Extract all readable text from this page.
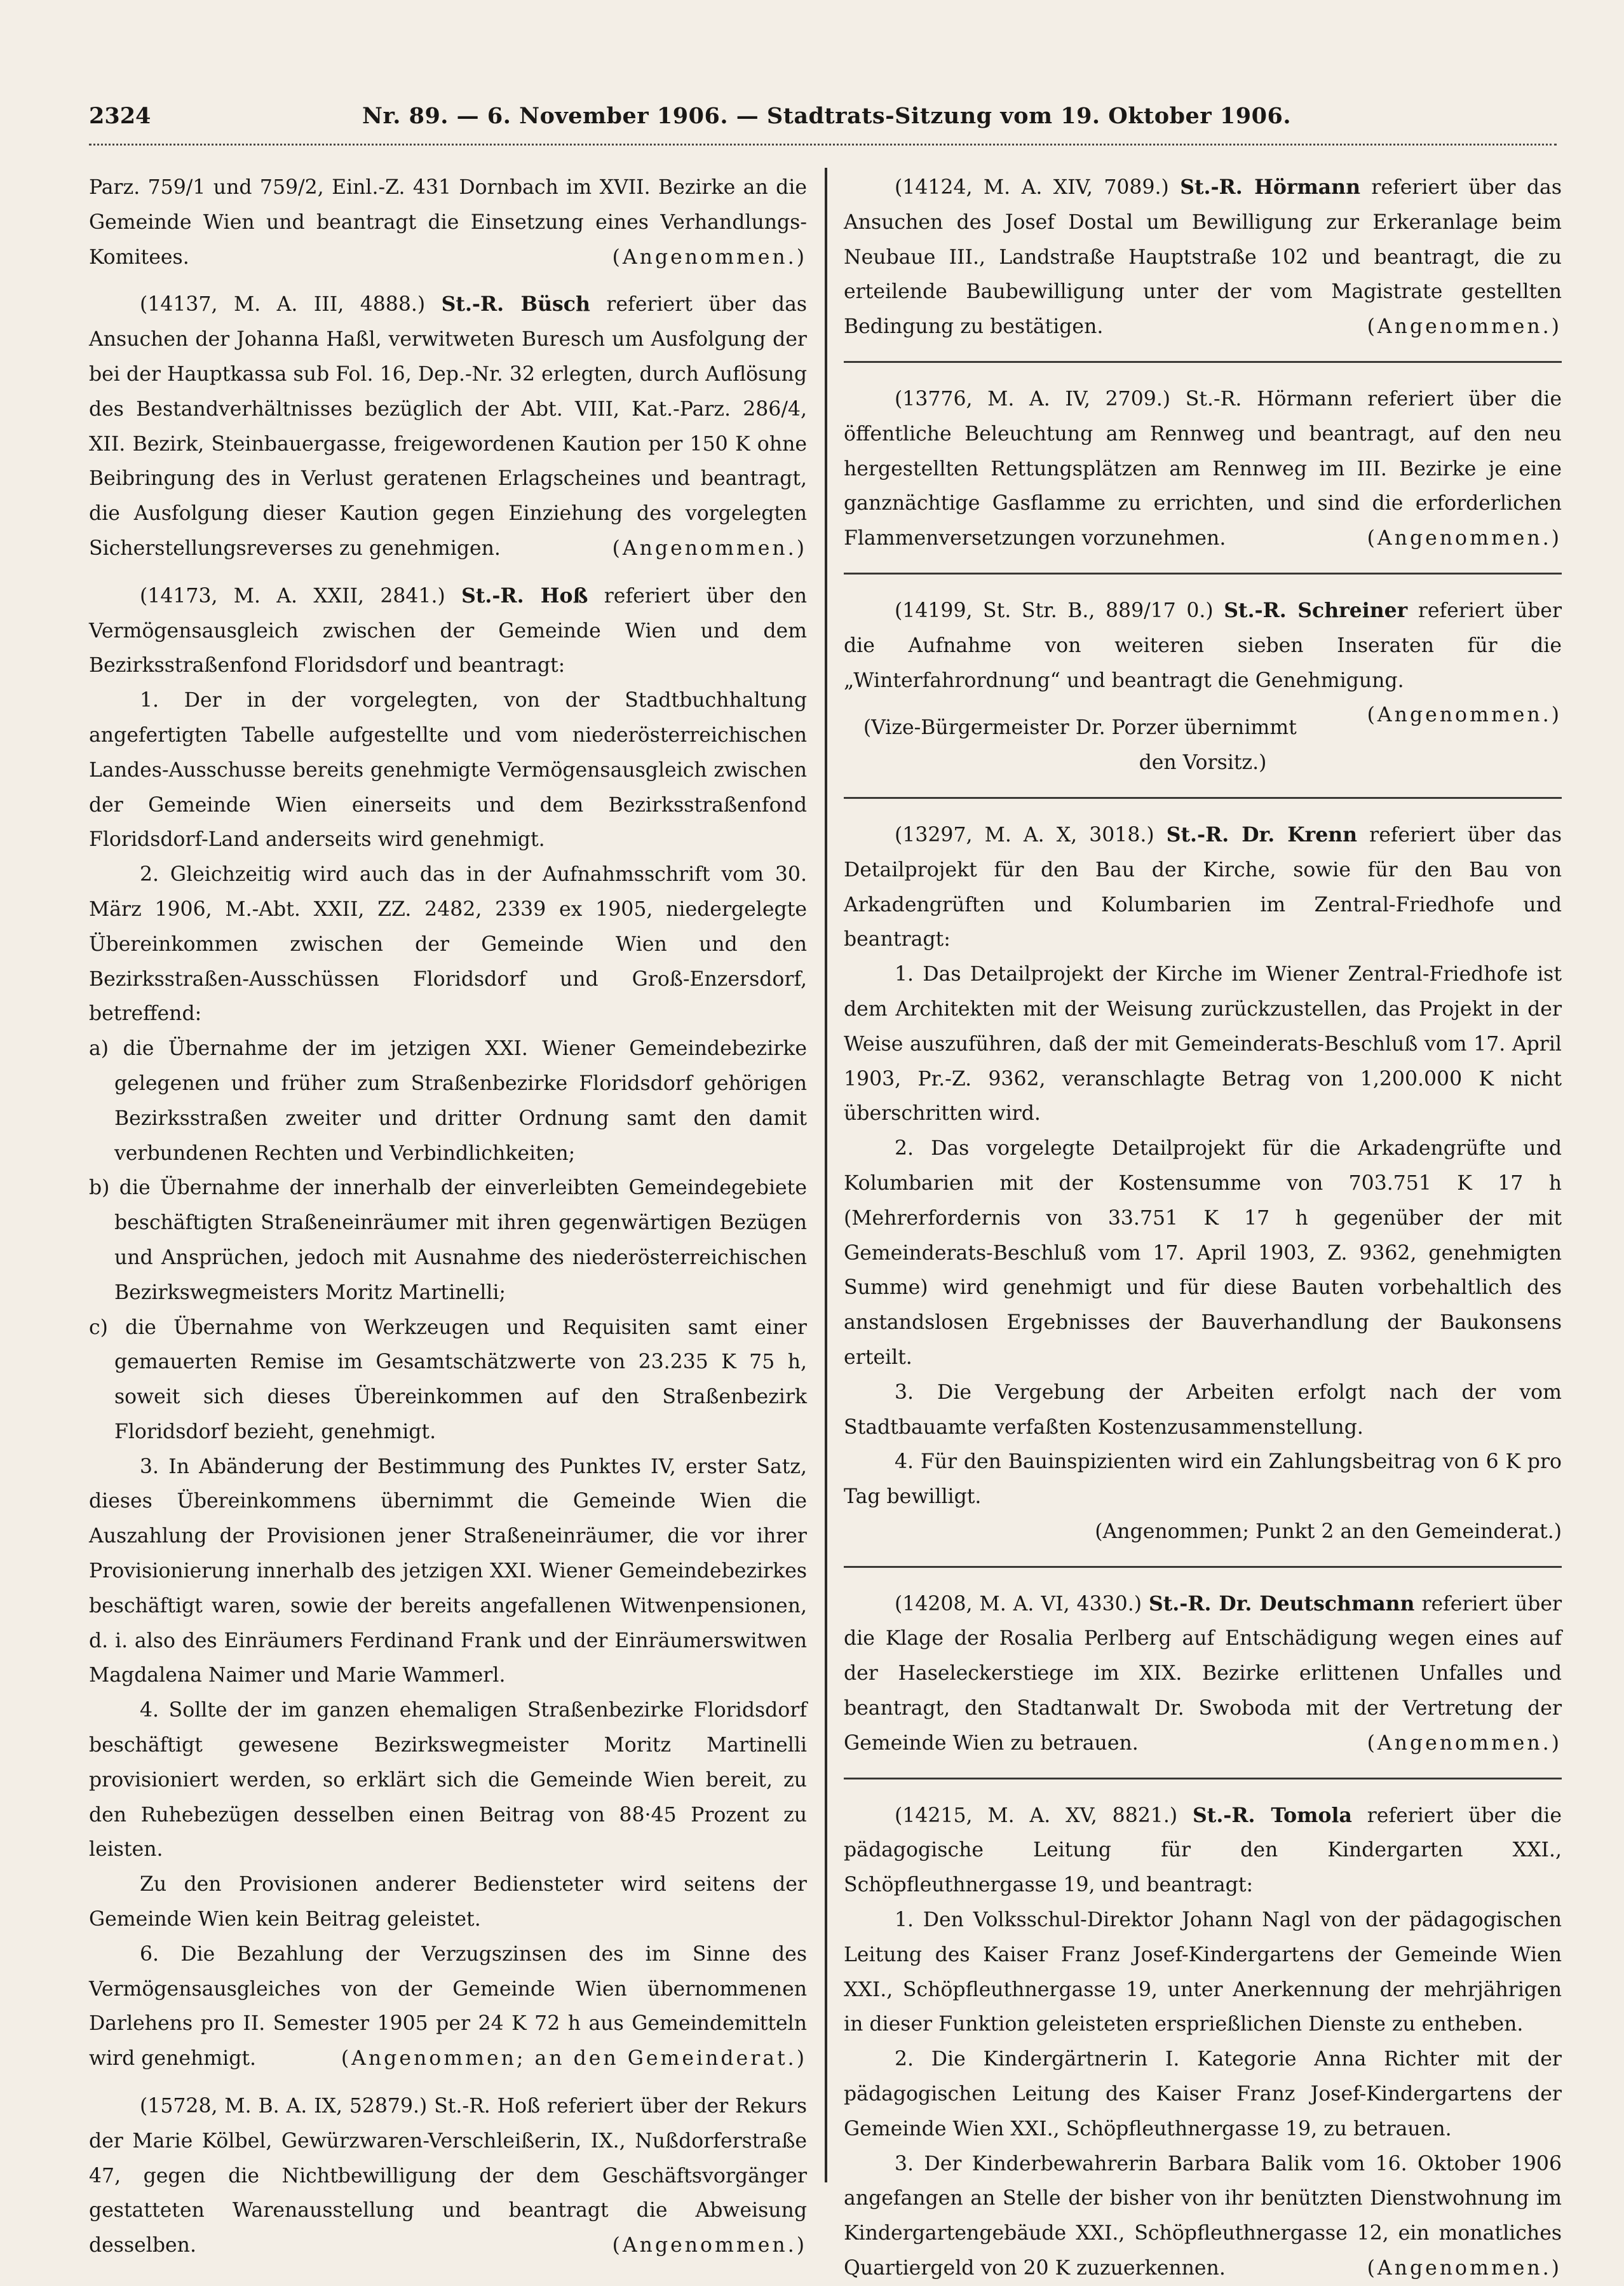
2324	Nr. 89. — 6. November 1906. — Stadtrats-Sitzung vom 19. Oktober 1906.

Parz. 759/1 und 759/2, Einl.-Z. 431 Dornbach im XVII. Bezirke an die Gemeinde Wien und beantragt die Einsetzung eines Verhandlungs-Komitees.	(Angenommen.)

(14137, M. A. III, 4888.) St.-R. Büsch referiert über das Ansuchen der Johanna Haßl, verwitweten Buresch um Ausfolgung der bei der Hauptkassa sub Fol. 16, Dep.-Nr. 32 erlegten, durch Auflösung des Bestandverhältnisses bezüglich der Abt. VIII, Kat.-Parz. 286/4, XII. Bezirk, Steinbauergasse, freigewordenen Kaution per 150 K ohne Beibringung des in Verlust geratenen Erlagscheines und beantragt, die Ausfolgung dieser Kaution gegen Einziehung des vorgelegten Sicherstellungsreverses zu genehmigen.	(Angenommen.)

(14173, M. A. XXII, 2841.) St.-R. Hoß referiert über den Vermögensausgleich zwischen der Gemeinde Wien und dem Bezirksstraßenfond Floridsdorf und beantragt:

1. Der in der vorgelegten, von der Stadtbuchhaltung angefertigten Tabelle aufgestellte und vom niederösterreichischen Landes-Ausschusse bereits genehmigte Vermögensausgleich zwischen der Gemeinde Wien einerseits und dem Bezirksstraßenfond Floridsdorf-Land anderseits wird genehmigt.

2. Gleichzeitig wird auch das in der Aufnahmsschrift vom 30. März 1906, M.-Abt. XXII, ZZ. 2482, 2339 ex 1905, niedergelegte Übereinkommen zwischen der Gemeinde Wien und den Bezirksstraßen-Ausschüssen Floridsdorf und Groß-Enzersdorf, betreffend:

a) die Übernahme der im jetzigen XXI. Wiener Gemeindebezirke gelegenen und früher zum Straßenbezirke Floridsdorf gehörigen Bezirksstraßen zweiter und dritter Ordnung samt den damit verbundenen Rechten und Verbindlichkeiten;

b) die Übernahme der innerhalb der einverleibten Gemeindegebiete beschäftigten Straßeneinräumer mit ihren gegenwärtigen Bezügen und Ansprüchen, jedoch mit Ausnahme des niederösterreichischen Bezirkswegmeisters Moritz Martinelli;

c) die Übernahme von Werkzeugen und Requisiten samt einer gemauerten Remise im Gesamtschätzwerte von 23.235 K 75 h, soweit sich dieses Übereinkommen auf den Straßenbezirk Floridsdorf bezieht, genehmigt.

3. In Abänderung der Bestimmung des Punktes IV, erster Satz, dieses Übereinkommens übernimmt die Gemeinde Wien die Auszahlung der Provisionen jener Straßeneinräumer, die vor ihrer Provisionierung innerhalb des jetzigen XXI. Wiener Gemeindebezirkes beschäftigt waren, sowie der bereits angefallenen Witwenpensionen, d. i. also des Einräumers Ferdinand Frank und der Einräumerswitwen Magdalena Naimer und Marie Wammerl.

4. Sollte der im ganzen ehemaligen Straßenbezirke Floridsdorf beschäftigt gewesene Bezirkswegmeister Moritz Martinelli provisioniert werden, so erklärt sich die Gemeinde Wien bereit, zu den Ruhebezügen desselben einen Beitrag von 88·45 Prozent zu leisten.

Zu den Provisionen anderer Bediensteter wird seitens der Gemeinde Wien kein Beitrag geleistet.

6. Die Bezahlung der Verzugszinsen des im Sinne des Vermögensausgleiches von der Gemeinde Wien übernommenen Darlehens pro II. Semester 1905 per 24 K 72 h aus Gemeindemitteln wird genehmigt.	(Angenommen; an den Gemeinderat.)

(15728, M. B. A. IX, 52879.) St.-R. Hoß referiert über der Rekurs der Marie Kölbel, Gewürzwaren-Verschleißerin, IX., Nußdorferstraße 47, gegen die Nichtbewilligung der dem Geschäftsvorgänger gestatteten Warenausstellung und beantragt die Abweisung desselben.	(Angenommen.)

(14124, M. A. XIV, 7089.) St.-R. Hörmann referiert über das Ansuchen des Josef Dostal um Bewilligung zur Erkeranlage beim Neubaue III., Landstraße Hauptstraße 102 und beantragt, die zu erteilende Baubewilligung unter der vom Magistrate gestellten Bedingung zu bestätigen.	(Angenommen.)

(13776, M. A. IV, 2709.) St.-R. Hörmann referiert über die öffentliche Beleuchtung am Rennweg und beantragt, auf den neu hergestellten Rettungsplätzen am Rennweg im III. Bezirke je eine ganznächtige Gasflamme zu errichten, und sind die erforderlichen Flammenversetzungen vorzunehmen.	(Angenommen.)

(14199, St. Str. B., 889/17 0.) St.-R. Schreiner referiert über die Aufnahme von weiteren sieben Inseraten für die „Winterfahrordnung“ und beantragt die Genehmigung.
(Angenommen.)

(Vize-Bürgermeister Dr. Porzer übernimmt den Vorsitz.)

(13297, M. A. X, 3018.) St.-R. Dr. Krenn referiert über das Detailprojekt für den Bau der Kirche, sowie für den Bau von Arkadengrüften und Kolumbarien im Zentral-Friedhofe und beantragt:

1. Das Detailprojekt der Kirche im Wiener Zentral-Friedhofe ist dem Architekten mit der Weisung zurückzustellen, das Projekt in der Weise auszuführen, daß der mit Gemeinderats-Beschluß vom 17. April 1903, Pr.-Z. 9362, veranschlagte Betrag von 1,200.000 K nicht überschritten wird.

2. Das vorgelegte Detailprojekt für die Arkadengrüfte und Kolumbarien mit der Kostensumme von 703.751 K 17 h (Mehrerfordernis von 33.751 K 17 h gegenüber der mit Gemeinderats-Beschluß vom 17. April 1903, Z. 9362, genehmigten Summe) wird genehmigt und für diese Bauten vorbehaltlich des anstandslosen Ergebnisses der Bauverhandlung der Baukonsens erteilt.

3. Die Vergebung der Arbeiten erfolgt nach der vom Stadtbauamte verfaßten Kostenzusammenstellung.

4. Für den Bauinspizienten wird ein Zahlungsbeitrag von 6 K pro Tag bewilligt.

(Angenommen; Punkt 2 an den Gemeinderat.)

(14208, M. A. VI, 4330.) St.-R. Dr. Deutschmann referiert über die Klage der Rosalia Perlberg auf Entschädigung wegen eines auf der Haseleckerstiege im XIX. Bezirke erlittenen Unfalles und beantragt, den Stadtanwalt Dr. Swoboda mit der Vertretung der Gemeinde Wien zu betrauen.	(Angenommen.)

(14215, M. A. XV, 8821.) St.-R. Tomola referiert über die pädagogische Leitung für den Kindergarten XXI., Schöpfleuthnergasse 19, und beantragt:

1. Den Volksschul-Direktor Johann Nagl von der pädagogischen Leitung des Kaiser Franz Josef-Kindergartens der Gemeinde Wien XXI., Schöpfleuthnergasse 19, unter Anerkennung der mehrjährigen in dieser Funktion geleisteten ersprießlichen Dienste zu entheben.

2. Die Kindergärtnerin I. Kategorie Anna Richter mit der pädagogischen Leitung des Kaiser Franz Josef-Kindergartens der Gemeinde Wien XXI., Schöpfleuthnergasse 19, zu betrauen.

3. Der Kinderbewahrerin Barbara Balik vom 16. Oktober 1906 angefangen an Stelle der bisher von ihr benützten Dienstwohnung im Kindergartengebäude XXI., Schöpfleuthnergasse 12, ein monatliches Quartiergeld von 20 K zuzuerkennen.	(Angenommen.)
